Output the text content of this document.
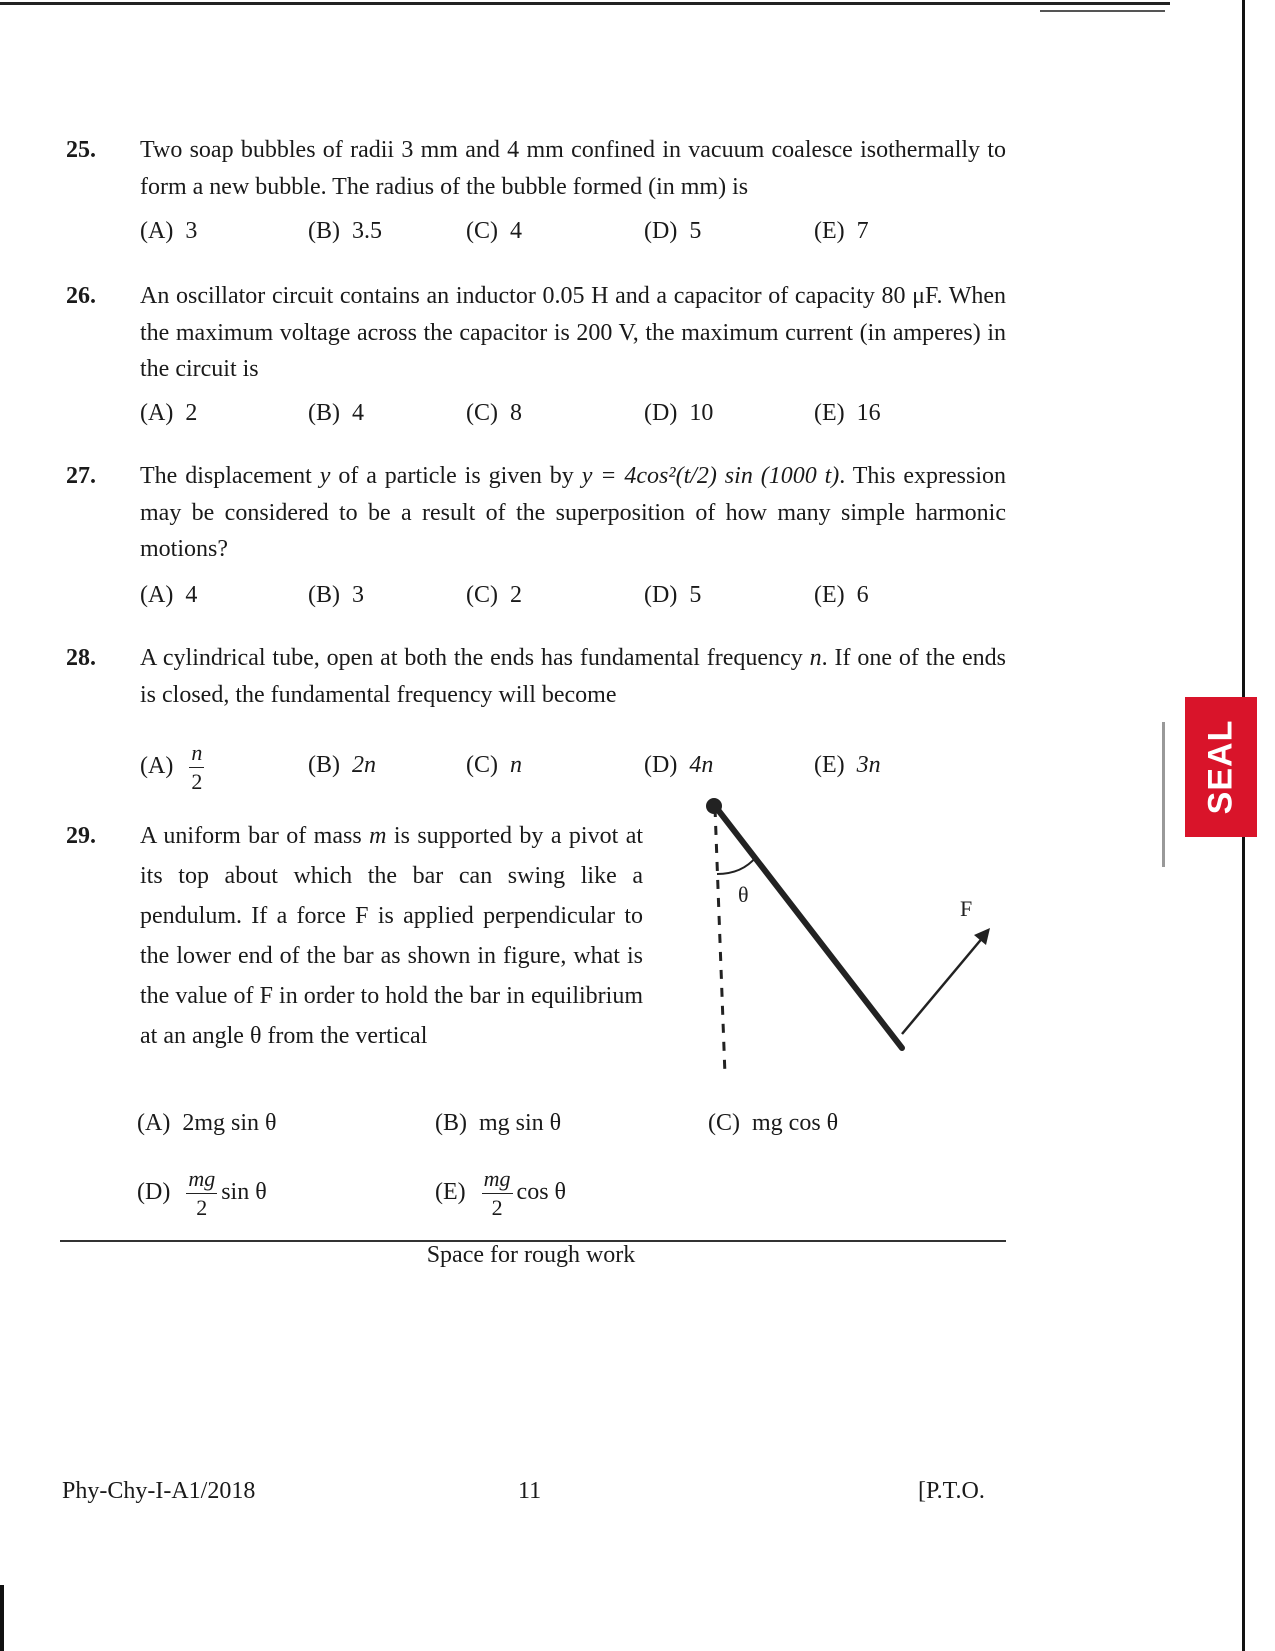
25. Two soap bubbles of radii 3 mm and 4 mm confined in vacuum coalesce isothermally to form a new bubble. The radius of the bubble formed (in mm) is
(A) 3	(B) 3.5	(C) 4	(D) 5	(E) 7
26. An oscillator circuit contains an inductor 0.05 H and a capacitor of capacity 80 μF. When the maximum voltage across the capacitor is 200 V, the maximum current (in amperes) in the circuit is
(A) 2	(B) 4	(C) 8	(D) 10	(E) 16
27. The displacement y of a particle is given by y = 4cos²(t/2) sin (1000 t). This expression may be considered to be a result of the superposition of how many simple harmonic motions?
(A) 4	(B) 3	(C) 2	(D) 5	(E) 6
28. A cylindrical tube, open at both the ends has fundamental frequency n. If one of the ends is closed, the fundamental frequency will become
$(A) \frac{n}{2}$	(B) 2n	(C) n	(D) 4n	(E) 3n
29. A uniform bar of mass m is supported by a pivot at its top about which the bar can swing like a pendulum. If a force F is applied perpendicular to the lower end of the bar as shown in figure, what is the value of F in order to hold the bar in equilibrium at an angle θ from the vertical
θ
F
(A) 2mg sin θ	(B) mg sin θ	(C) mg cos θ
$(D) \frac{mg}{2}$ sin θ	$(E) \frac{mg}{2}$ cos θ
Space for rough work
Phy-Chy-I-A1/2018	11	[P.T.O.
SEAL
